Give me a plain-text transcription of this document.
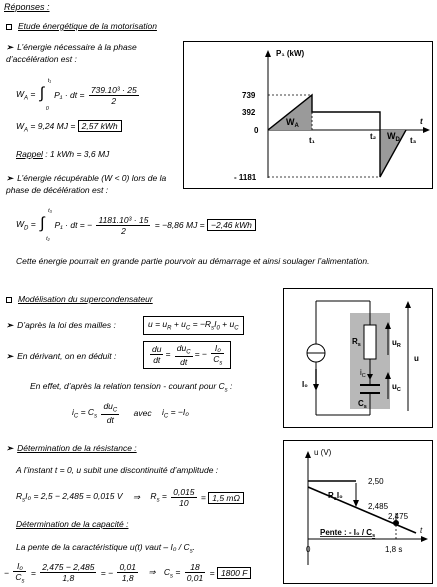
Réponses :
Etude énergétique de la motorisation
➢ L’énergie nécessaire à la phase d’accélération est :
$W_A$ = ∫
t₁
0
P₁ · dt = $\frac{\text{739.10³ · 25}}{2}$
$W_A = 9,24$ MJ = 2,57 kWh
Rappel : 1 kWh = 3,6 MJ
➢ L’énergie récupérable (W < 0) lors de la phase de décélération est :
$W_D$ = ∫
t₃
t₂
P₁ · dt = − $\frac{\text{1181.10³ · 15}}{2} = -8,86$ MJ = −2,46 kWh
Cette énergie pourrait en grande partie pourvoir au démarrage et ainsi soulager l’alimentation.
P₁ (kW)
t
739
392
0
- 1181
t₁	t₂	t₃
$W_A$
$W_D$
Modélisation du supercondensateur
➢ D’après la loi des mailles :	$u = u_R + u_C = -R_sI_0 + u_C$
➢ En dérivant, on en déduit :	$\frac{du}{dt} = \frac{du_C}{dt}$ = − $\frac{\text{I₀}}{C_s}$
En effet, d’après la relation tension - courant pour $C_s$ :
$i_C = C_s \frac{du_C}{dt}$ avec $i_C = -I_0$
$R_s$	$u_R$
$i_C$
$u_C$
$C_s$
I₀
u
➢ Détermination de la résistance :
A l’instant t = 0, u subit une discontinuité d’amplitude :
$R_sI_0 = 2,5 - 2,485 = 0,015$ V ⇒ $R_s = \frac{0,015}{10} = 1,5$ mΩ
Détermination de la capacité :
La pente de la caractéristique u(t) vaut – $I_0 / C_s$.
− $\frac{\text{I₀}}{C_s} = \frac{2,475 - 2,485}{1,8}$ = − $\frac{0,01}{1,8}$ ⇒ $C_s = \frac{18}{0,01} = 1800$ F
u (V)
t
2,50
2,485
2,475
$R_sI_0$
Pente : - $I_0 / C_s$
0	1,8 s
